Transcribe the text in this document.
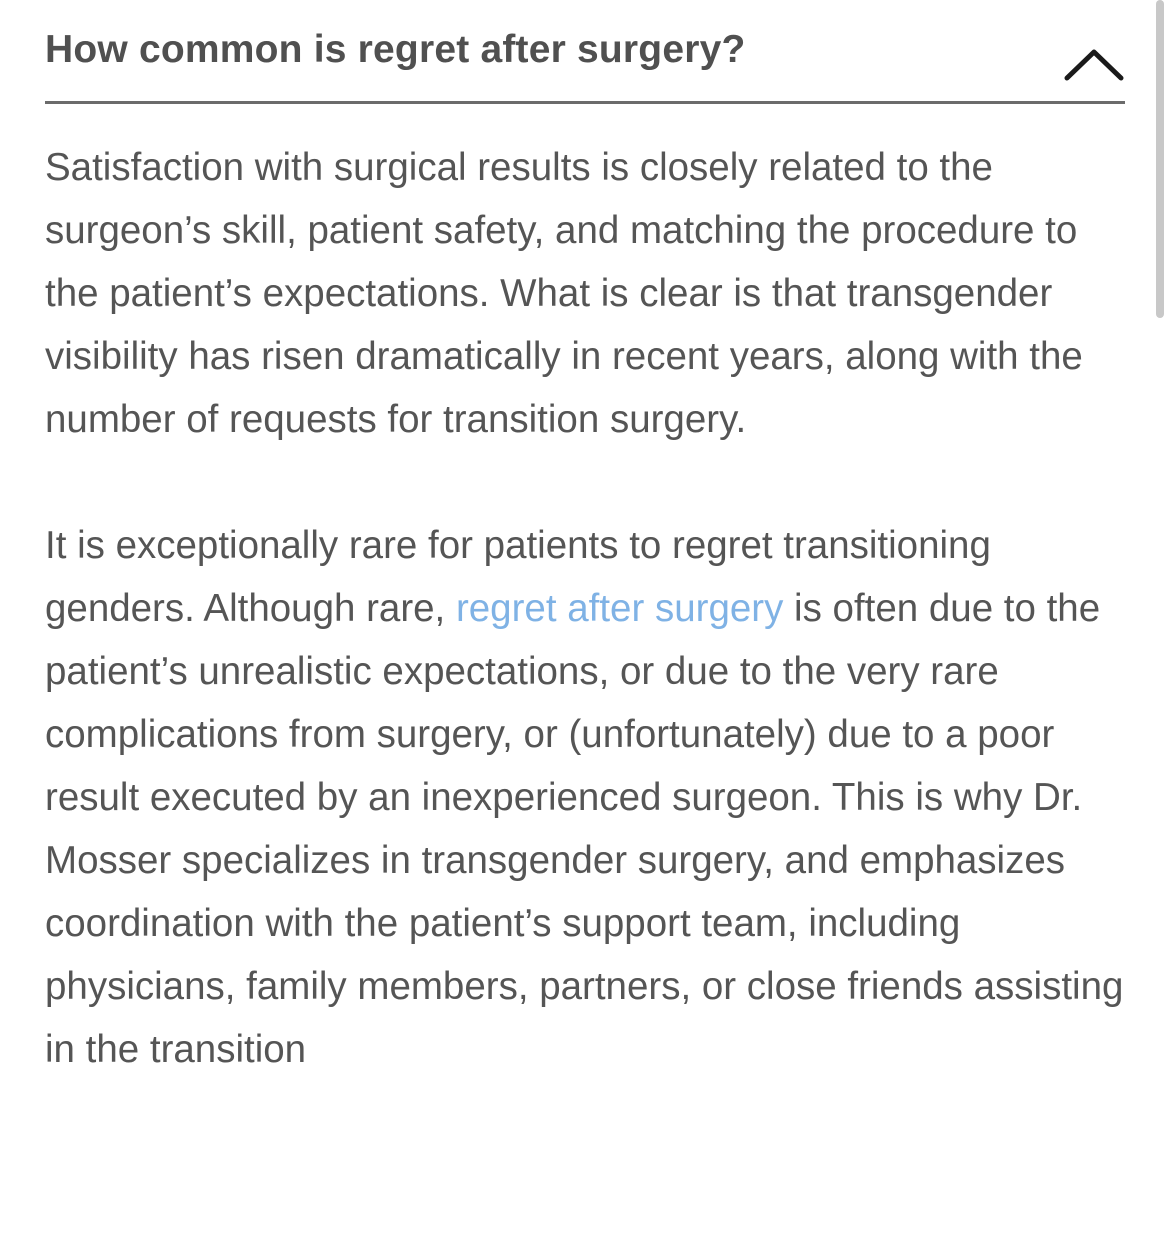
How common is regret after surgery?

Satisfaction with surgical results is closely related to the surgeon’s skill, patient safety, and matching the procedure to the patient’s expectations. What is clear is that transgender visibility has risen dramatically in recent years, along with the number of requests for transition surgery.

It is exceptionally rare for patients to regret transitioning genders. Although rare, regret after surgery is often due to the patient’s unrealistic expectations, or due to the very rare complications from surgery, or (unfortunately) due to a poor result executed by an inexperienced surgeon. This is why Dr. Mosser specializes in transgender surgery, and emphasizes coordination with the patient’s support team, including physicians, family members, partners, or close friends assisting in the transition
